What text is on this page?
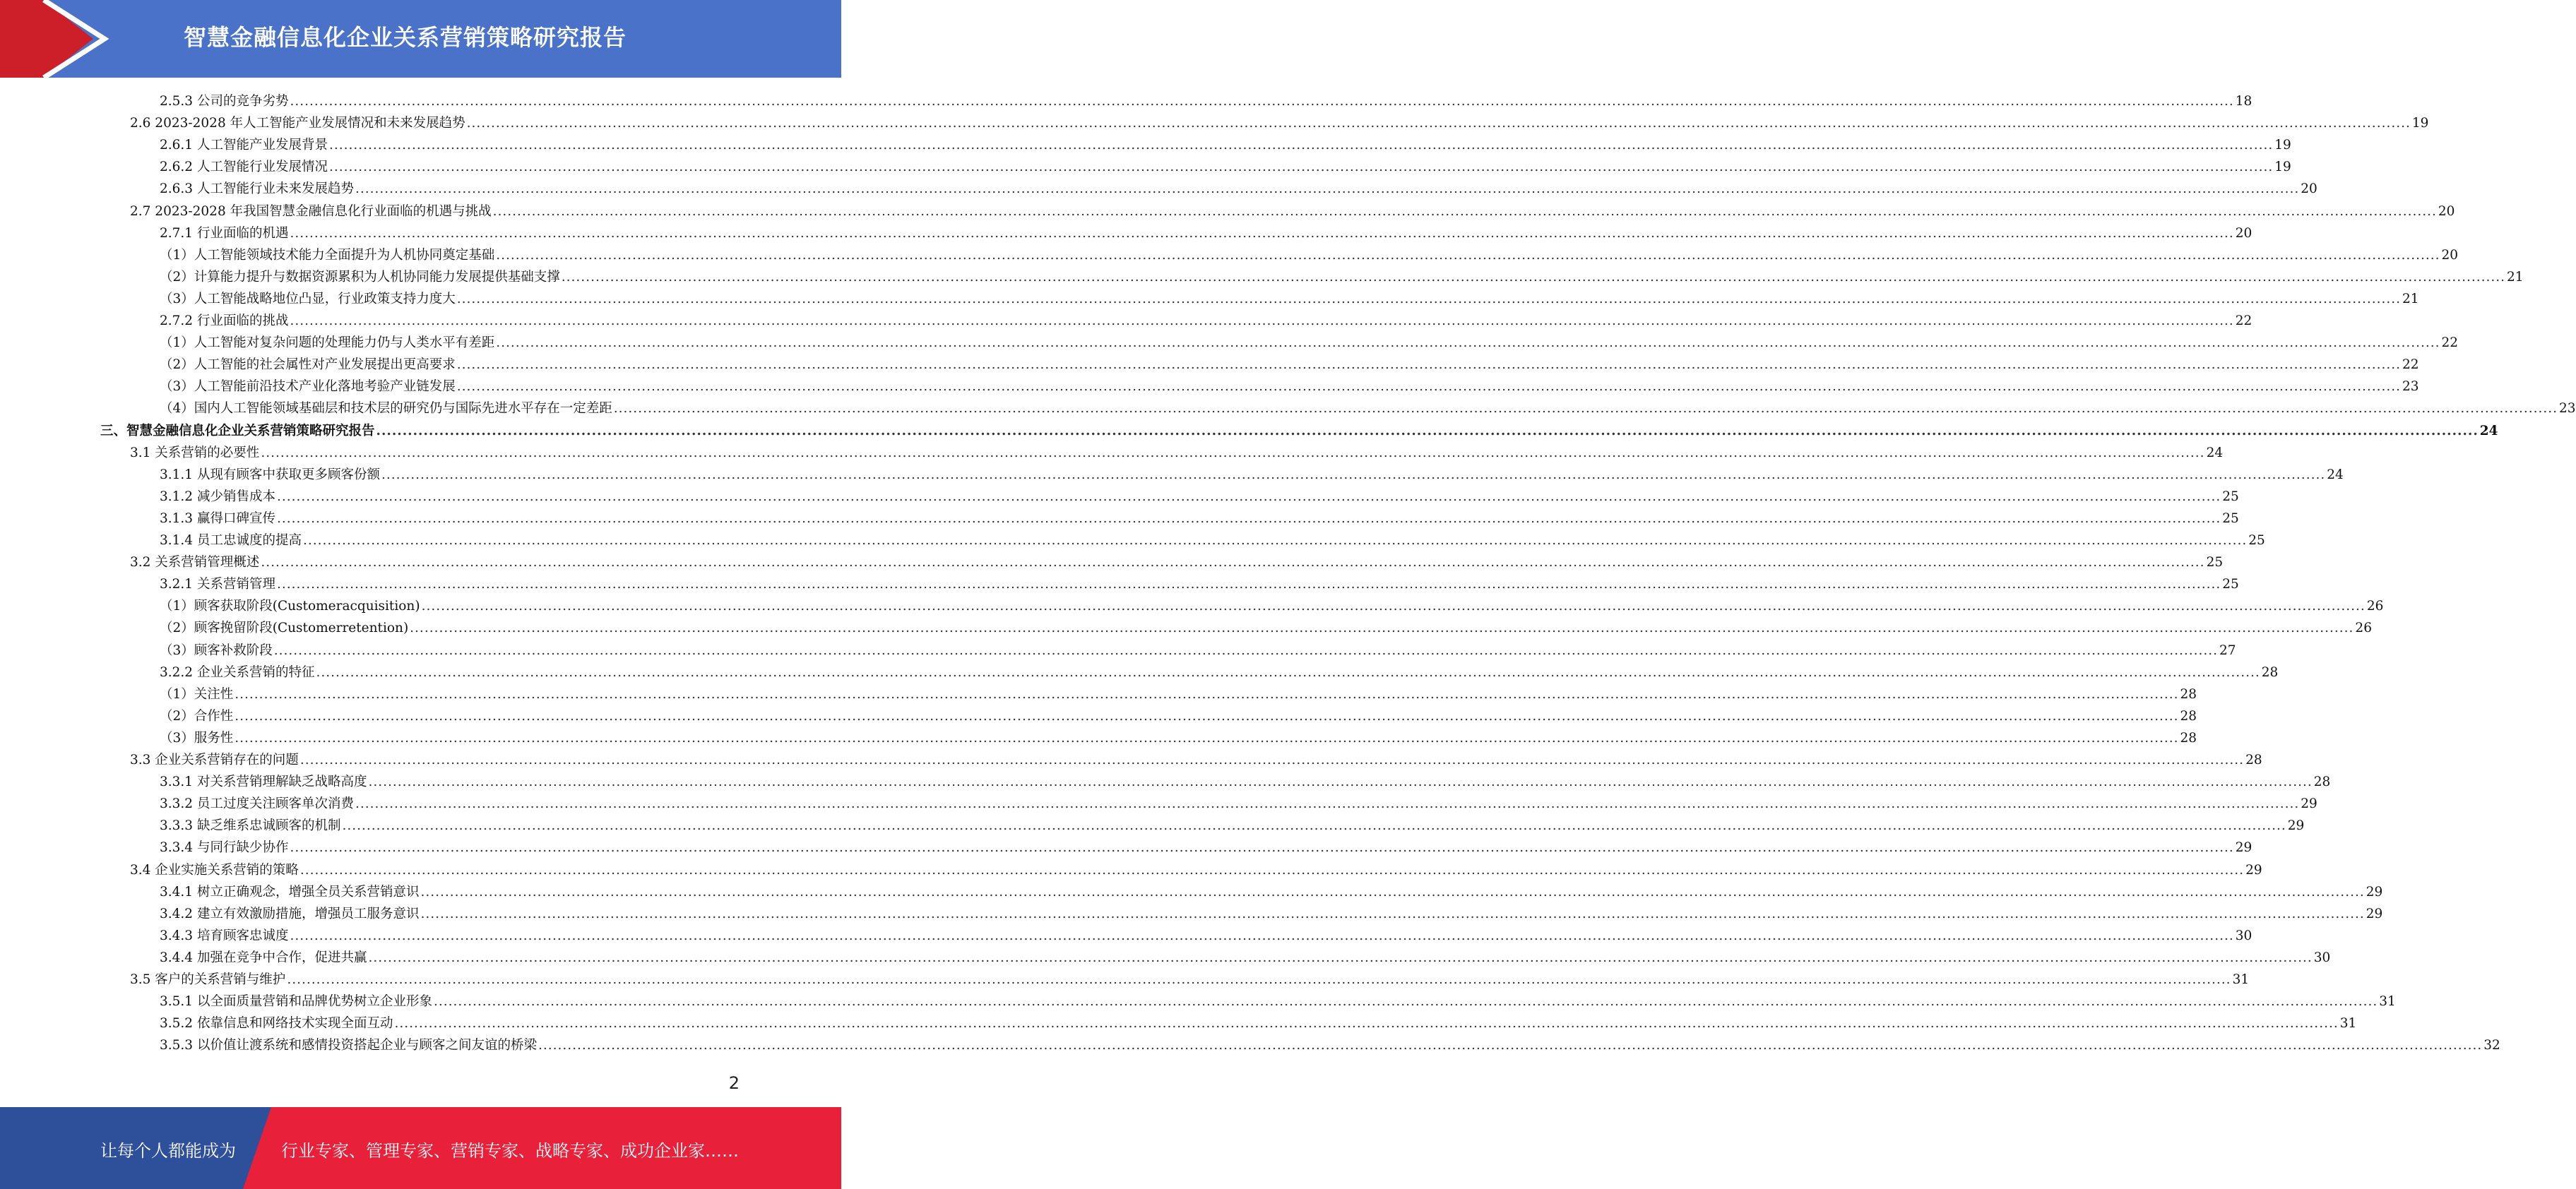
智慧金融信息化企业关系营销策略研究报告
2.5.3 公司的竞争劣势 ................................................................................................................................................................................................................................................................................................................................................................................................................ 18
2.6 2023-2028 年人工智能产业发展情况和未来发展趋势 ................................................................................................................................................................................................................................................................................................................................................................................................................ 19
2.6.1 人工智能产业发展背景 ................................................................................................................................................................................................................................................................................................................................................................................................................ 19
2.6.2 人工智能行业发展情况 ................................................................................................................................................................................................................................................................................................................................................................................................................ 19
2.6.3 人工智能行业未来发展趋势 ................................................................................................................................................................................................................................................................................................................................................................................................................ 20
2.7 2023-2028 年我国智慧金融信息化行业面临的机遇与挑战 ................................................................................................................................................................................................................................................................................................................................................................................................................ 20
2.7.1 行业面临的机遇 ................................................................................................................................................................................................................................................................................................................................................................................................................ 20
（1）人工智能领域技术能力全面提升为人机协同奠定基础 ................................................................................................................................................................................................................................................................................................................................................................................................................ 20
（2）计算能力提升与数据资源累积为人机协同能力发展提供基础支撑 ................................................................................................................................................................................................................................................................................................................................................................................................................ 21
（3）人工智能战略地位凸显，行业政策支持力度大 ................................................................................................................................................................................................................................................................................................................................................................................................................ 21
2.7.2 行业面临的挑战 ................................................................................................................................................................................................................................................................................................................................................................................................................ 22
（1）人工智能对复杂问题的处理能力仍与人类水平有差距 ................................................................................................................................................................................................................................................................................................................................................................................................................ 22
（2）人工智能的社会属性对产业发展提出更高要求 ................................................................................................................................................................................................................................................................................................................................................................................................................ 22
（3）人工智能前沿技术产业化落地考验产业链发展 ................................................................................................................................................................................................................................................................................................................................................................................................................ 23
（4）国内人工智能领域基础层和技术层的研究仍与国际先进水平存在一定差距 ................................................................................................................................................................................................................................................................................................................................................................................................................ 23
三、智慧金融信息化企业关系营销策略研究报告 ................................................................................................................................................................................................................................................................................................................................................................................................................ 24
3.1 关系营销的必要性 ................................................................................................................................................................................................................................................................................................................................................................................................................ 24
3.1.1 从现有顾客中获取更多顾客份额 ................................................................................................................................................................................................................................................................................................................................................................................................................ 24
3.1.2 减少销售成本 ................................................................................................................................................................................................................................................................................................................................................................................................................ 25
3.1.3 赢得口碑宣传 ................................................................................................................................................................................................................................................................................................................................................................................................................ 25
3.1.4 员工忠诚度的提高 ................................................................................................................................................................................................................................................................................................................................................................................................................ 25
3.2 关系营销管理概述 ................................................................................................................................................................................................................................................................................................................................................................................................................ 25
3.2.1 关系营销管理 ................................................................................................................................................................................................................................................................................................................................................................................................................ 25
（1）顾客获取阶段(Customeracquisition) ................................................................................................................................................................................................................................................................................................................................................................................................................ 26
（2）顾客挽留阶段(Customerretention) ................................................................................................................................................................................................................................................................................................................................................................................................................ 26
（3）顾客补救阶段 ................................................................................................................................................................................................................................................................................................................................................................................................................ 27
3.2.2 企业关系营销的特征 ................................................................................................................................................................................................................................................................................................................................................................................................................ 28
（1）关注性 ................................................................................................................................................................................................................................................................................................................................................................................................................ 28
（2）合作性 ................................................................................................................................................................................................................................................................................................................................................................................................................ 28
（3）服务性 ................................................................................................................................................................................................................................................................................................................................................................................................................ 28
3.3 企业关系营销存在的问题 ................................................................................................................................................................................................................................................................................................................................................................................................................ 28
3.3.1 对关系营销理解缺乏战略高度 ................................................................................................................................................................................................................................................................................................................................................................................................................ 28
3.3.2 员工过度关注顾客单次消费 ................................................................................................................................................................................................................................................................................................................................................................................................................ 29
3.3.3 缺乏维系忠诚顾客的机制 ................................................................................................................................................................................................................................................................................................................................................................................................................ 29
3.3.4 与同行缺少协作 ................................................................................................................................................................................................................................................................................................................................................................................................................ 29
3.4 企业实施关系营销的策略 ................................................................................................................................................................................................................................................................................................................................................................................................................ 29
3.4.1 树立正确观念，增强全员关系营销意识 ................................................................................................................................................................................................................................................................................................................................................................................................................ 29
3.4.2 建立有效激励措施，增强员工服务意识 ................................................................................................................................................................................................................................................................................................................................................................................................................ 29
3.4.3 培育顾客忠诚度 ................................................................................................................................................................................................................................................................................................................................................................................................................ 30
3.4.4 加强在竞争中合作，促进共赢 ................................................................................................................................................................................................................................................................................................................................................................................................................ 30
3.5 客户的关系营销与维护 ................................................................................................................................................................................................................................................................................................................................................................................................................ 31
3.5.1 以全面质量营销和品牌优势树立企业形象 ................................................................................................................................................................................................................................................................................................................................................................................................................ 31
3.5.2 依靠信息和网络技术实现全面互动 ................................................................................................................................................................................................................................................................................................................................................................................................................ 31
3.5.3 以价值让渡系统和感情投资搭起企业与顾客之间友谊的桥梁 ................................................................................................................................................................................................................................................................................................................................................................................................................ 32
2
让每个人都能成为	行业专家、管理专家、营销专家、战略专家、成功企业家……
